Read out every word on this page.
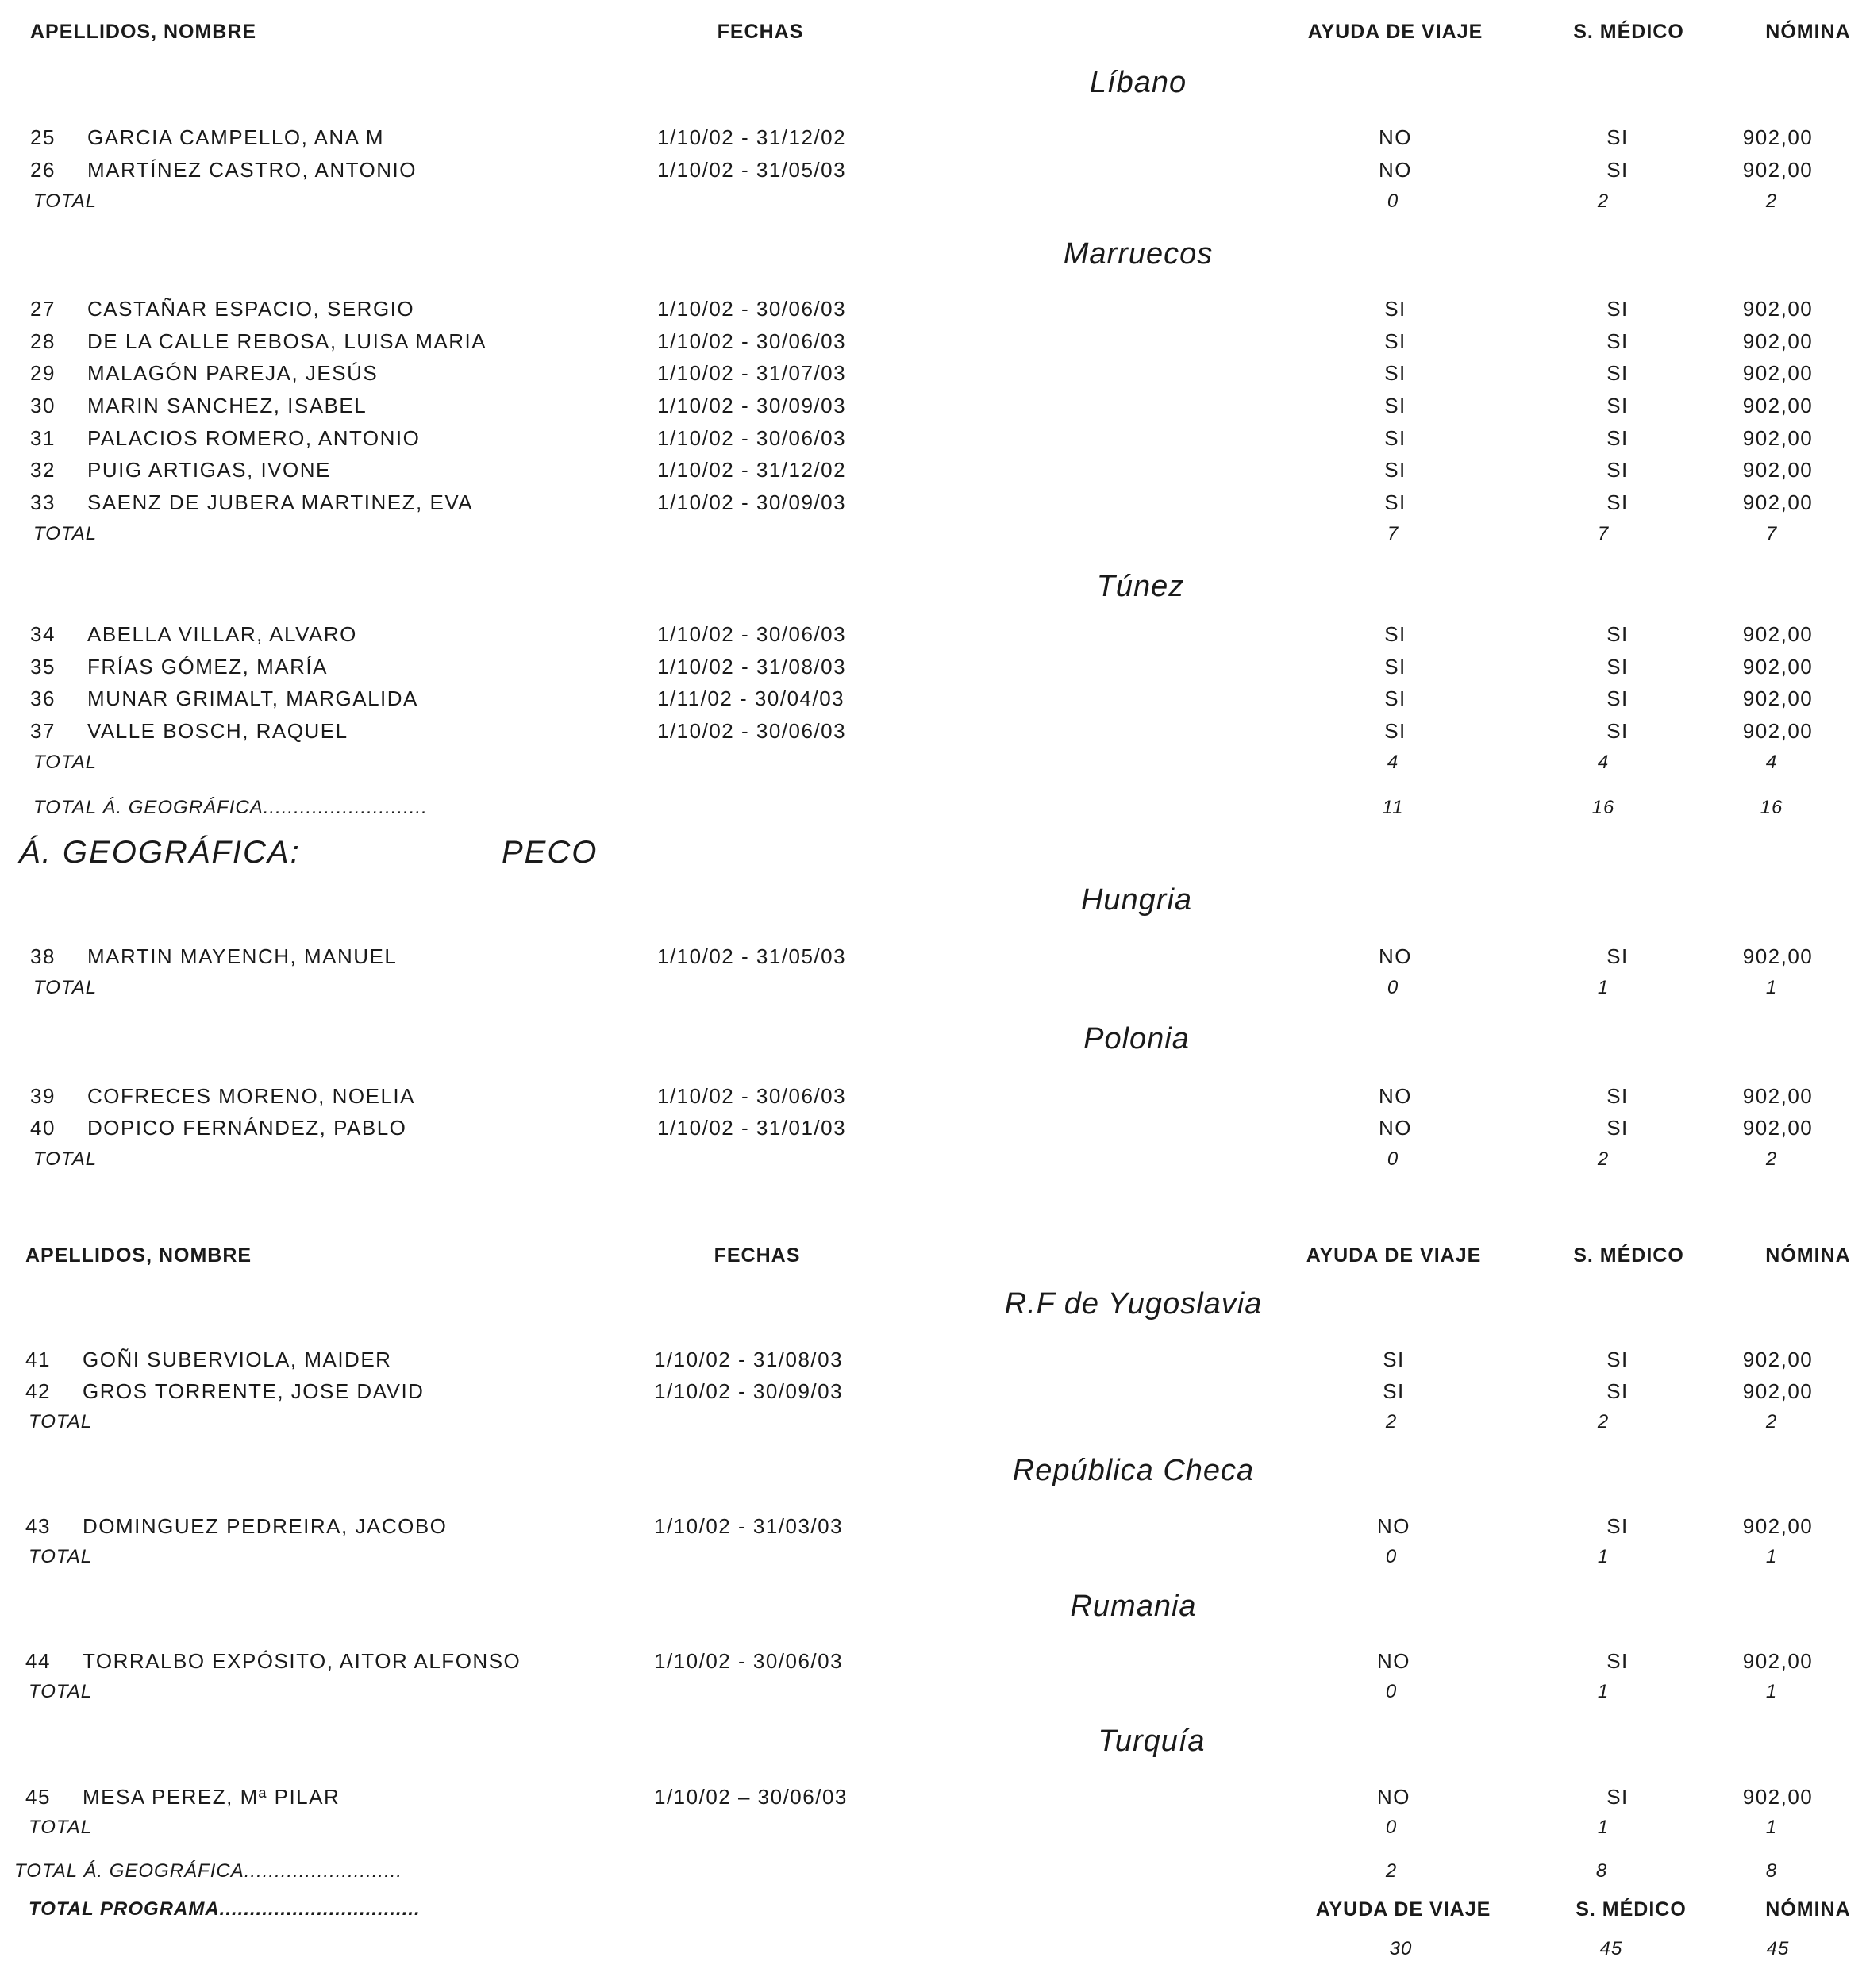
APELLIDOS, NOMBRE	FECHAS	AYUDA DE VIAJE	S. MÉDICO	NÓMINA
APELLIDOS, NOMBRE	FECHAS	AYUDA DE VIAJE	S. MÉDICO	NÓMINA
Líbano
25 GARCIA CAMPELLO, ANA M	1/10/02 - 31/12/02	NO	SI	902,00
26 MARTÍNEZ CASTRO, ANTONIO	1/10/02 - 31/05/03	NO	SI	902,00
TOTAL	0	2	2
Marruecos
27 CASTAÑAR ESPACIO, SERGIO	1/10/02 - 30/06/03	SI	SI	902,00
28 DE LA CALLE REBOSA, LUISA MARIA	1/10/02 - 30/06/03	SI	SI	902,00
29 MALAGÓN PAREJA, JESÚS	1/10/02 - 31/07/03	SI	SI	902,00
30 MARIN SANCHEZ, ISABEL	1/10/02 - 30/09/03	SI	SI	902,00
31 PALACIOS ROMERO, ANTONIO	1/10/02 - 30/06/03	SI	SI	902,00
32 PUIG ARTIGAS, IVONE	1/10/02 - 31/12/02	SI	SI	902,00
33 SAENZ DE JUBERA MARTINEZ, EVA	1/10/02 - 30/09/03	SI	SI	902,00
TOTAL	7	7	7
Túnez
34 ABELLA VILLAR, ALVARO	1/10/02 - 30/06/03	SI	SI	902,00
35 FRÍAS GÓMEZ, MARÍA	1/10/02 - 31/08/03	SI	SI	902,00
36 MUNAR GRIMALT, MARGALIDA	1/11/02 - 30/04/03	SI	SI	902,00
37 VALLE BOSCH, RAQUEL	1/10/02 - 30/06/03	SI	SI	902,00
TOTAL	4	4	4
Hungria
38 MARTIN MAYENCH, MANUEL	1/10/02 - 31/05/03	NO	SI	902,00
TOTAL	0	1	1
Polonia
39 COFRECES MORENO, NOELIA	1/10/02 - 30/06/03	NO	SI	902,00
40 DOPICO FERNÁNDEZ, PABLO	1/10/02 - 31/01/03	NO	SI	902,00
TOTAL	0	2	2
R.F de Yugoslavia
41 GOÑI SUBERVIOLA, MAIDER	1/10/02 - 31/08/03	SI	SI	902,00
42 GROS TORRENTE, JOSE DAVID	1/10/02 - 30/09/03	SI	SI	902,00
TOTAL	2	2	2
República Checa
43 DOMINGUEZ PEDREIRA, JACOBO	1/10/02 - 31/03/03	NO	SI	902,00
TOTAL	0	1	1
Rumania
44 TORRALBO EXPÓSITO, AITOR ALFONSO	1/10/02 - 30/06/03	NO	SI	902,00
TOTAL	0	1	1
Turquía
45 MESA PEREZ, Mª PILAR	1/10/02 – 30/06/03	NO	SI	902,00
TOTAL	0	1	1
TOTAL Á. GEOGRÁFICA...........................	11	16	16
TOTAL Á. GEOGRÁFICA..........................	2	8	8
Á. GEOGRÁFICA:	PECO
TOTAL PROGRAMA.................................	AYUDA DE VIAJE	S. MÉDICO	NÓMINA
30	45	45
